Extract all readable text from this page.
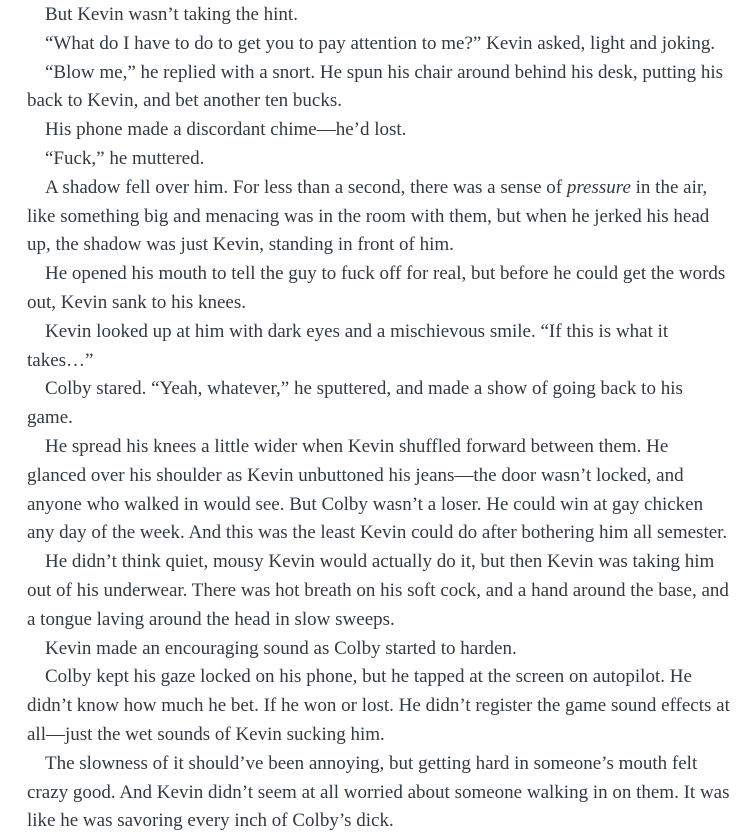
But Kevin wasn’t taking the hint.

“What do I have to do to get you to pay attention to me?” Kevin asked, light and joking.

“Blow me,” he replied with a snort. He spun his chair around behind his desk, putting his back to Kevin, and bet another ten bucks.

His phone made a discordant chime—he’d lost.

“Fuck,” he muttered.

A shadow fell over him. For less than a second, there was a sense of pressure in the air, like something big and menacing was in the room with them, but when he jerked his head up, the shadow was just Kevin, standing in front of him.

He opened his mouth to tell the guy to fuck off for real, but before he could get the words out, Kevin sank to his knees.

Kevin looked up at him with dark eyes and a mischievous smile. “If this is what it takes…”

Colby stared. “Yeah, whatever,” he sputtered, and made a show of going back to his game.

He spread his knees a little wider when Kevin shuffled forward between them. He glanced over his shoulder as Kevin unbuttoned his jeans—the door wasn’t locked, and anyone who walked in would see. But Colby wasn’t a loser. He could win at gay chicken any day of the week. And this was the least Kevin could do after bothering him all semester.

He didn’t think quiet, mousy Kevin would actually do it, but then Kevin was taking him out of his underwear. There was hot breath on his soft cock, and a hand around the base, and a tongue laving around the head in slow sweeps.

Kevin made an encouraging sound as Colby started to harden.

Colby kept his gaze locked on his phone, but he tapped at the screen on autopilot. He didn’t know how much he bet. If he won or lost. He didn’t register the game sound effects at all—just the wet sounds of Kevin sucking him.

The slowness of it should’ve been annoying, but getting hard in someone’s mouth felt crazy good. And Kevin didn’t seem at all worried about someone walking in on them. It was like he was savoring every inch of Colby’s dick.
